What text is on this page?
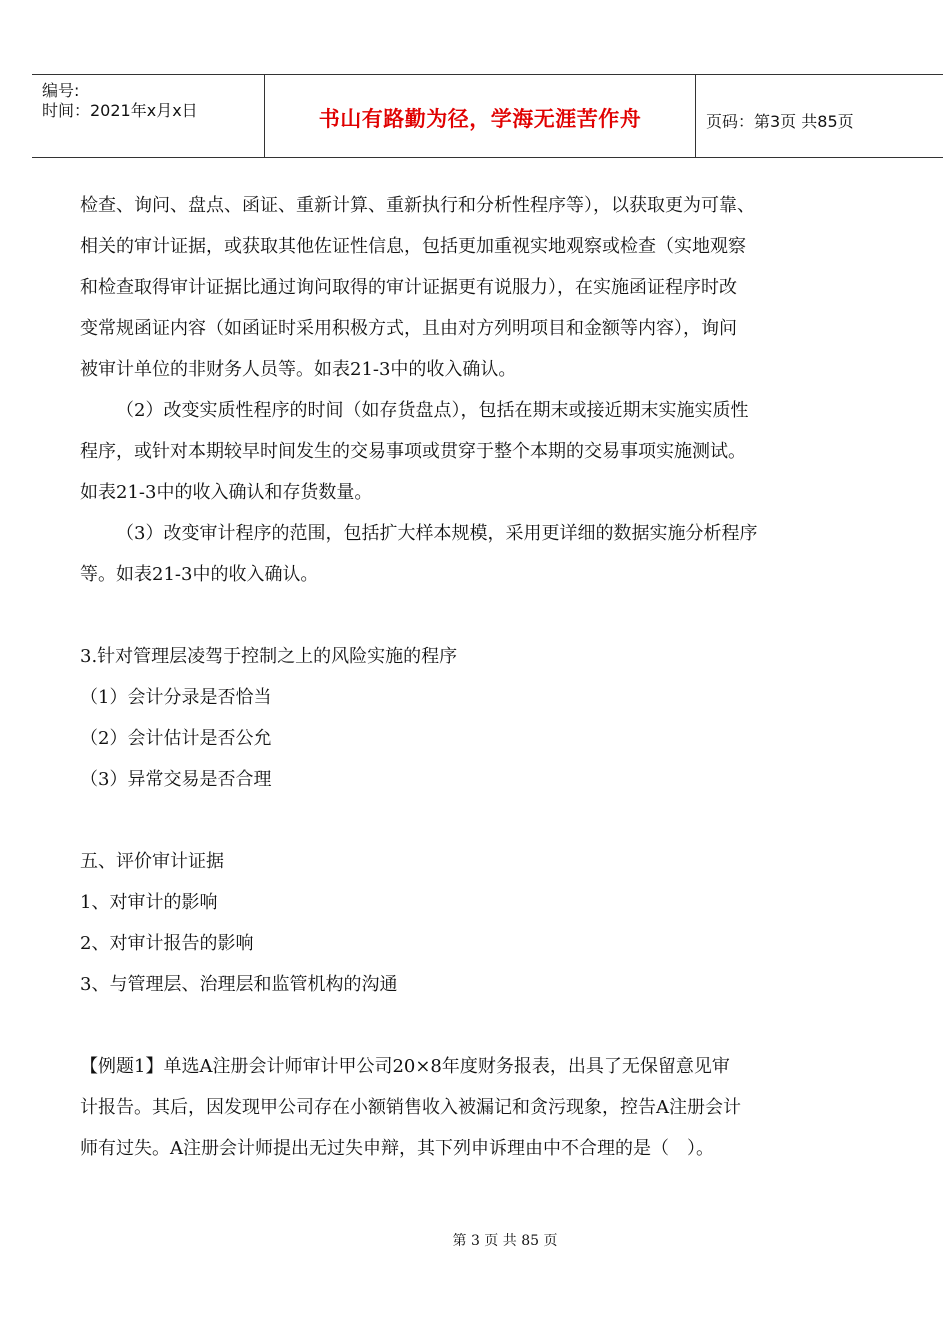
编号:
时间：2021年x月x日	书山有路勤为径，学海无涯苦作舟	页码：第3页 共85页

检查、询问、盘点、函证、重新计算、重新执行和分析性程序等），以获取更为可靠、

相关的审计证据，或获取其他佐证性信息，包括更加重视实地观察或检查（实地观察

和检查取得审计证据比通过询问取得的审计证据更有说服力），在实施函证程序时改

变常规函证内容（如函证时采用积极方式，且由对方列明项目和金额等内容），询问

被审计单位的非财务人员等。如表21-3中的收入确认。

（2）改变实质性程序的时间（如存货盘点），包括在期末或接近期末实施实质性

程序，或针对本期较早时间发生的交易事项或贯穿于整个本期的交易事项实施测试。

如表21-3中的收入确认和存货数量。

（3）改变审计程序的范围，包括扩大样本规模，采用更详细的数据实施分析程序

等。如表21-3中的收入确认。

3.针对管理层凌驾于控制之上的风险实施的程序

（1）会计分录是否恰当

（2）会计估计是否公允

（3）异常交易是否合理

五、评价审计证据

1、对审计的影响

2、对审计报告的影响

3、与管理层、治理层和监管机构的沟通

【例题1】单选A注册会计师审计甲公司20×8年度财务报表，出具了无保留意见审

计报告。其后，因发现甲公司存在小额销售收入被漏记和贪污现象，控告A注册会计

师有过失。A注册会计师提出无过失申辩，其下列申诉理由中不合理的是（　）。

第 3 页 共 85 页
